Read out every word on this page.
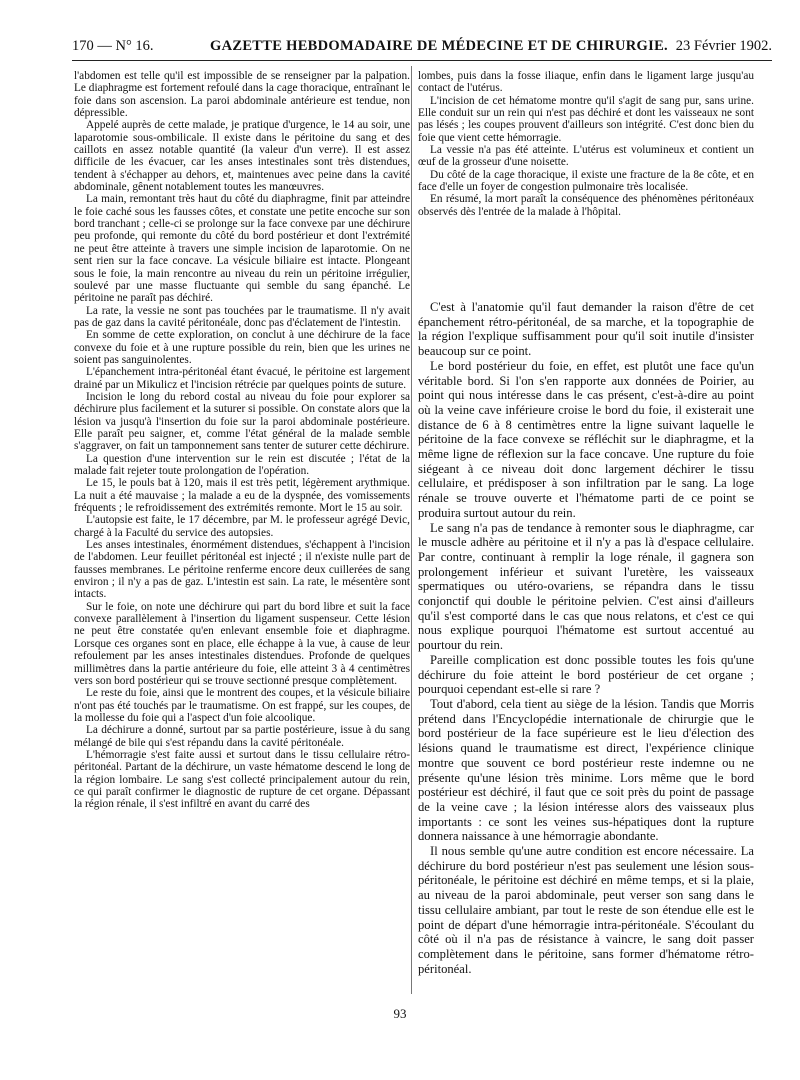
170 — N° 16.	GAZETTE HEBDOMADAIRE DE MÉDECINE ET DE CHIRURGIE. 23 Février 1902.

l'abdomen est telle qu'il est impossible de se renseigner par la palpation. Le diaphragme est fortement refoulé dans la cage thoracique, entraînant le foie dans son ascension. La paroi abdominale antérieure est tendue, non dépressible.

Appelé auprès de cette malade, je pratique d'urgence, le 14 au soir, une laparotomie sous-ombilicale. Il existe dans le péritoine du sang et des caillots en assez notable quantité (la valeur d'un verre). Il est assez difficile de les évacuer, car les anses intestinales sont très distendues, tendent à s'échapper au dehors, et, maintenues avec peine dans la cavité abdominale, gênent notablement toutes les manœuvres.

La main, remontant très haut du côté du diaphragme, finit par atteindre le foie caché sous les fausses côtes, et constate une petite encoche sur son bord tranchant ; celle-ci se prolonge sur la face convexe par une déchirure peu profonde, qui remonte du côté du bord postérieur et dont l'extrémité ne peut être atteinte à travers une simple incision de laparotomie. On ne sent rien sur la face concave. La vésicule biliaire est intacte. Plongeant sous le foie, la main rencontre au niveau du rein un péritoine irrégulier, soulevé par une masse fluctuante qui semble du sang épanché. Le péritoine ne paraît pas déchiré.

La rate, la vessie ne sont pas touchées par le traumatisme. Il n'y avait pas de gaz dans la cavité péritonéale, donc pas d'éclatement de l'intestin.

En somme de cette exploration, on conclut à une déchirure de la face convexe du foie et à une rupture possible du rein, bien que les urines ne soient pas sanguinolentes.

L'épanchement intra-péritonéal étant évacué, le péritoine est largement drainé par un Mikulicz et l'incision rétrécie par quelques points de suture.

Incision le long du rebord costal au niveau du foie pour explorer sa déchirure plus facilement et la suturer si possible. On constate alors que la lésion va jusqu'à l'insertion du foie sur la paroi abdominale postérieure. Elle paraît peu saigner, et, comme l'état général de la malade semble s'aggraver, on fait un tamponnement sans tenter de suturer cette déchirure.

La question d'une intervention sur le rein est discutée ; l'état de la malade fait rejeter toute prolongation de l'opération.

Le 15, le pouls bat à 120, mais il est très petit, légèrement arythmique. La nuit a été mauvaise ; la malade a eu de la dyspnée, des vomissements fréquents ; le refroidissement des extrémités remonte. Mort le 15 au soir.

L'autopsie est faite, le 17 décembre, par M. le professeur agrégé Devic, chargé à la Faculté du service des autopsies.

Les anses intestinales, énormément distendues, s'échappent à l'incision de l'abdomen. Leur feuillet péritonéal est injecté ; il n'existe nulle part de fausses membranes. Le péritoine renferme encore deux cuillerées de sang environ ; il n'y a pas de gaz. L'intestin est sain. La rate, le mésentère sont intacts.

Sur le foie, on note une déchirure qui part du bord libre et suit la face convexe parallèlement à l'insertion du ligament suspenseur. Cette lésion ne peut être constatée qu'en enlevant ensemble foie et diaphragme. Lorsque ces organes sont en place, elle échappe à la vue, à cause de leur refoulement par les anses intestinales distendues. Profonde de quelques millimètres dans la partie antérieure du foie, elle atteint 3 à 4 centimètres vers son bord postérieur qui se trouve sectionné presque complètement.

Le reste du foie, ainsi que le montrent des coupes, et la vésicule biliaire n'ont pas été touchés par le traumatisme. On est frappé, sur les coupes, de la mollesse du foie qui a l'aspect d'un foie alcoolique.

La déchirure a donné, surtout par sa partie postérieure, issue à du sang mélangé de bile qui s'est répandu dans la cavité péritonéale.

L'hémorragie s'est faite aussi et surtout dans le tissu cellulaire rétro-péritonéal. Partant de la déchirure, un vaste hématome descend le long de la région lombaire. Le sang s'est collecté principalement autour du rein, ce qui paraît confirmer le diagnostic de rupture de cet organe. Dépassant la région rénale, il s'est infiltré en avant du carré des

lombes, puis dans la fosse iliaque, enfin dans le ligament large jusqu'au contact de l'utérus.

L'incision de cet hématome montre qu'il s'agit de sang pur, sans urine. Elle conduit sur un rein qui n'est pas déchiré et dont les vaisseaux ne sont pas lésés ; les coupes prouvent d'ailleurs son intégrité. C'est donc bien du foie que vient cette hémorragie.

La vessie n'a pas été atteinte. L'utérus est volumineux et contient un œuf de la grosseur d'une noisette.

Du côté de la cage thoracique, il existe une fracture de la 8e côte, et en face d'elle un foyer de congestion pulmonaire très localisée.

En résumé, la mort paraît la conséquence des phénomènes péritonéaux observés dès l'entrée de la malade à l'hôpital.

C'est à l'anatomie qu'il faut demander la raison d'être de cet épanchement rétro-péritonéal, de sa marche, et la topographie de la région l'explique suffisamment pour qu'il soit inutile d'insister beaucoup sur ce point.

Le bord postérieur du foie, en effet, est plutôt une face qu'un véritable bord. Si l'on s'en rapporte aux données de Poirier, au point qui nous intéresse dans le cas présent, c'est-à-dire au point où la veine cave inférieure croise le bord du foie, il existerait une distance de 6 à 8 centimètres entre la ligne suivant laquelle le péritoine de la face convexe se réfléchit sur le diaphragme, et la même ligne de réflexion sur la face concave. Une rupture du foie siégeant à ce niveau doit donc largement déchirer le tissu cellulaire, et prédisposer à son infiltration par le sang. La loge rénale se trouve ouverte et l'hématome parti de ce point se produira surtout autour du rein.

Le sang n'a pas de tendance à remonter sous le diaphragme, car le muscle adhère au péritoine et il n'y a pas là d'espace cellulaire. Par contre, continuant à remplir la loge rénale, il gagnera son prolongement inférieur et suivant l'uretère, les vaisseaux spermatiques ou utéro-ovariens, se répandra dans le tissu conjonctif qui double le péritoine pelvien. C'est ainsi d'ailleurs qu'il s'est comporté dans le cas que nous relatons, et c'est ce qui nous explique pourquoi l'hématome est surtout accentué au pourtour du rein.

Pareille complication est donc possible toutes les fois qu'une déchirure du foie atteint le bord postérieur de cet organe ; pourquoi cependant est-elle si rare ?

Tout d'abord, cela tient au siège de la lésion. Tandis que Morris prétend dans l'Encyclopédie internationale de chirurgie que le bord postérieur de la face supérieure est le lieu d'élection des lésions quand le traumatisme est direct, l'expérience clinique montre que souvent ce bord postérieur reste indemne ou ne présente qu'une lésion très minime. Lors même que le bord postérieur est déchiré, il faut que ce soit près du point de passage de la veine cave ; la lésion intéresse alors des vaisseaux plus importants : ce sont les veines sus-hépatiques dont la rupture donnera naissance à une hémorragie abondante.

Il nous semble qu'une autre condition est encore nécessaire. La déchirure du bord postérieur n'est pas seulement une lésion sous-péritonéale, le péritoine est déchiré en même temps, et si la plaie, au niveau de la paroi abdominale, peut verser son sang dans le tissu cellulaire ambiant, par tout le reste de son étendue elle est le point de départ d'une hémorragie intra-péritonéale. S'écoulant du côté où il n'a pas de résistance à vaincre, le sang doit passer complètement dans le péritoine, sans former d'hématome rétro-péritonéal.

93
